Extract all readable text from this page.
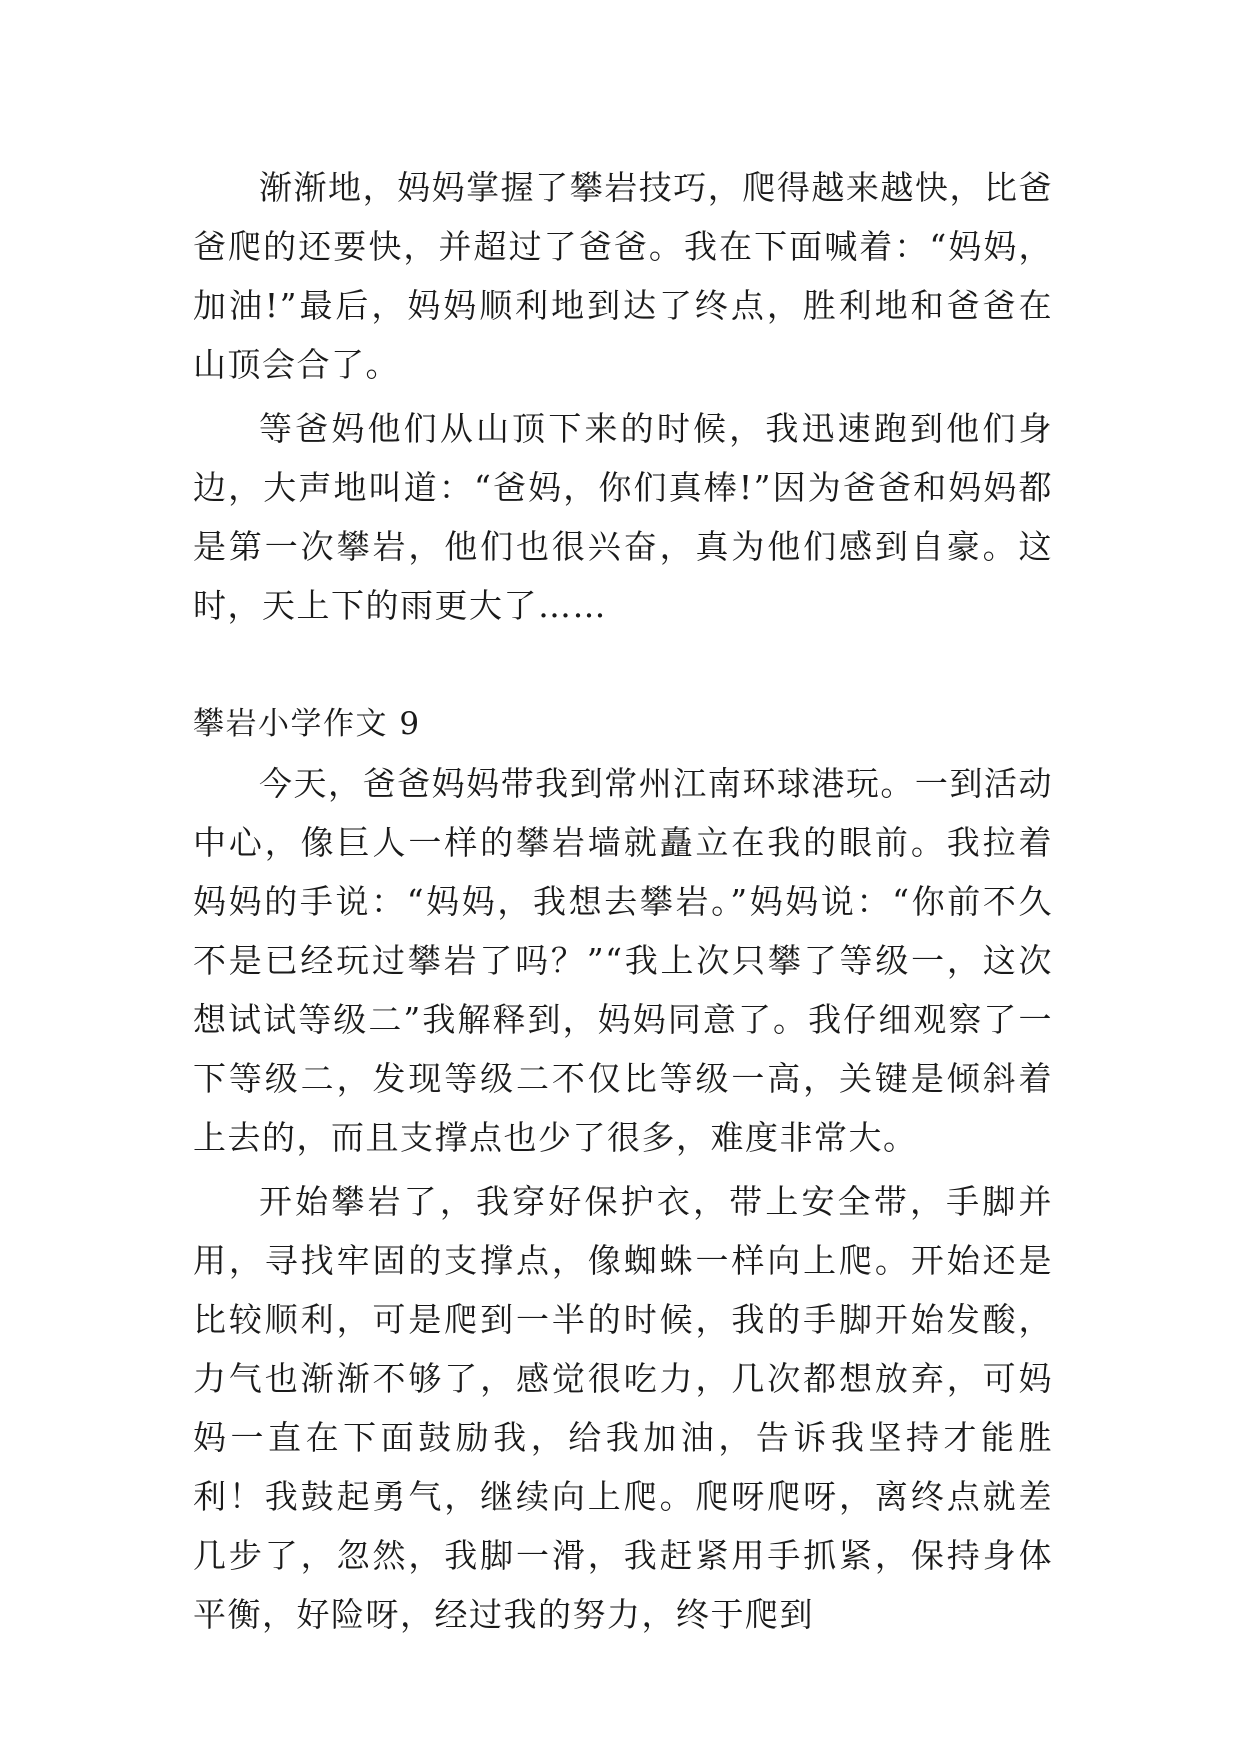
渐渐地，妈妈掌握了攀岩技巧，爬得越来越快，比爸爸爬的还要快，并超过了爸爸。我在下面喊着：“妈妈，加油!”最后，妈妈顺利地到达了终点，胜利地和爸爸在山顶会合了。

等爸妈他们从山顶下来的时候，我迅速跑到他们身边，大声地叫道：“爸妈，你们真棒!”因为爸爸和妈妈都是第一次攀岩，他们也很兴奋，真为他们感到自豪。这时，天上下的雨更大了……

攀岩小学作文 9

今天，爸爸妈妈带我到常州江南环球港玩。一到活动中心，像巨人一样的攀岩墙就矗立在我的眼前。我拉着妈妈的手说：“妈妈，我想去攀岩。”妈妈说：“你前不久不是已经玩过攀岩了吗？”“我上次只攀了等级一，这次想试试等级二”我解释到，妈妈同意了。我仔细观察了一下等级二，发现等级二不仅比等级一高，关键是倾斜着上去的，而且支撑点也少了很多，难度非常大。

开始攀岩了，我穿好保护衣，带上安全带，手脚并用，寻找牢固的支撑点，像蜘蛛一样向上爬。开始还是比较顺利，可是爬到一半的时候，我的手脚开始发酸，力气也渐渐不够了，感觉很吃力，几次都想放弃，可妈妈一直在下面鼓励我，给我加油，告诉我坚持才能胜利！我鼓起勇气，继续向上爬。爬呀爬呀，离终点就差几步了，忽然，我脚一滑，我赶紧用手抓紧，保持身体平衡，好险呀，经过我的努力，终于爬到
